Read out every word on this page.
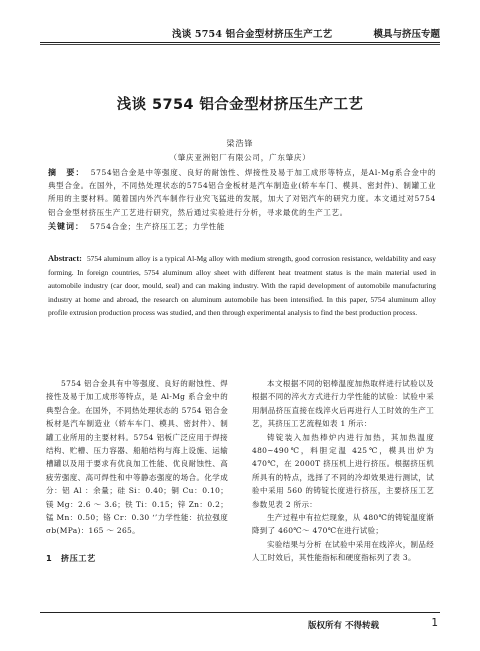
浅谈 5754 铝合金型材挤压生产工艺	模具与挤压专题
浅谈 5754 铝合金型材挤压生产工艺
梁浩锋
（肇庆亚洲铝厂有限公司，广东肇庆）
摘　要： 5754铝合金是中等强度、良好的耐蚀性、焊接性及易于加工成形等特点，是Al-Mg系合金中的典型合金。在国外，不同热处理状态的5754铝合金板材是汽车制造业(轿车车门、模具、密封件)、制罐工业所用的主要材料。随着国内外汽车制作行业究飞猛进的发展，加大了对铝汽车的研究力度。本文通过对5754铝合金型材挤压生产工艺进行研究，然后通过实验进行分析，寻求最优的生产工艺。
关键词： 5754合金；生产挤压工艺；力学性能
Abstract: 5754 aluminum alloy is a typical Al-Mg alloy with medium strength, good corrosion resistance, weldability and easy forming. In foreign countries, 5754 aluminum alloy sheet with different heat treatment status is the main material used in automobile industry (car door, mould, seal) and can making industry. With the rapid development of automobile manufacturing industry at home and abroad, the research on aluminum automobile has been intensified. In this paper, 5754 aluminum alloy profile extrusion production process was studied, and then through experimental analysis to find the best production process.

5754 铝合金具有中等强度、良好的耐蚀性、焊接性及易于加工成形等特点，是 Al-Mg 系合金中的典型合金。在国外，不同热处理状态的 5754 铝合金板材是汽车制造业（轿车车门、模具、密封件）、制罐工业所用的主要材料。5754 铝板广泛应用于焊接结构、贮槽、压力容器、船舶结构与海上设施、运输槽罐以及用于要求有优良加工性能、优良耐蚀性、高疲劳强度、高可焊性和中等静态强度的场合。化学成分：铝 Al ：余量；硅 Si：0.40；铜 Cu：0.10；镁 Mg：2.6 ～ 3.6；铁 Ti：0.15；锌 Zn：0.2；锰 Mn：0.50；铬 Cr：0.30 ‘’力学性能：抗拉强度 σb(MPa)：165 ～ 265。

1　挤压工艺

本文根据不同的铝棒温度加热取样进行试验以及根据不同的淬火方式进行力学性能的试验：试验中采用制品挤压直接在线淬火后再进行人工时效的生产工艺，其挤压工艺流程如表 1 所示：

铸锭装入加热棒炉内进行加热，其加热温度 480~490℃，料胆定温 425℃，模具出炉为 470℃，在 2000T 挤压机上进行挤压。根据挤压机所具有的特点，选择了不同的冷却效果进行测试，试验中采用 560 的铸锭长度进行挤压，主要挤压工艺参数见表 2 所示：

生产过程中有拉烂现象，从 480℃的铸锭温度渐降到了 460℃～ 470℃在进行试验；

实验结果与分析 在试验中采用在线淬火，制品经人工时效后，其性能指标和硬度指标列了表 3。

版权所有 不得转载	1
